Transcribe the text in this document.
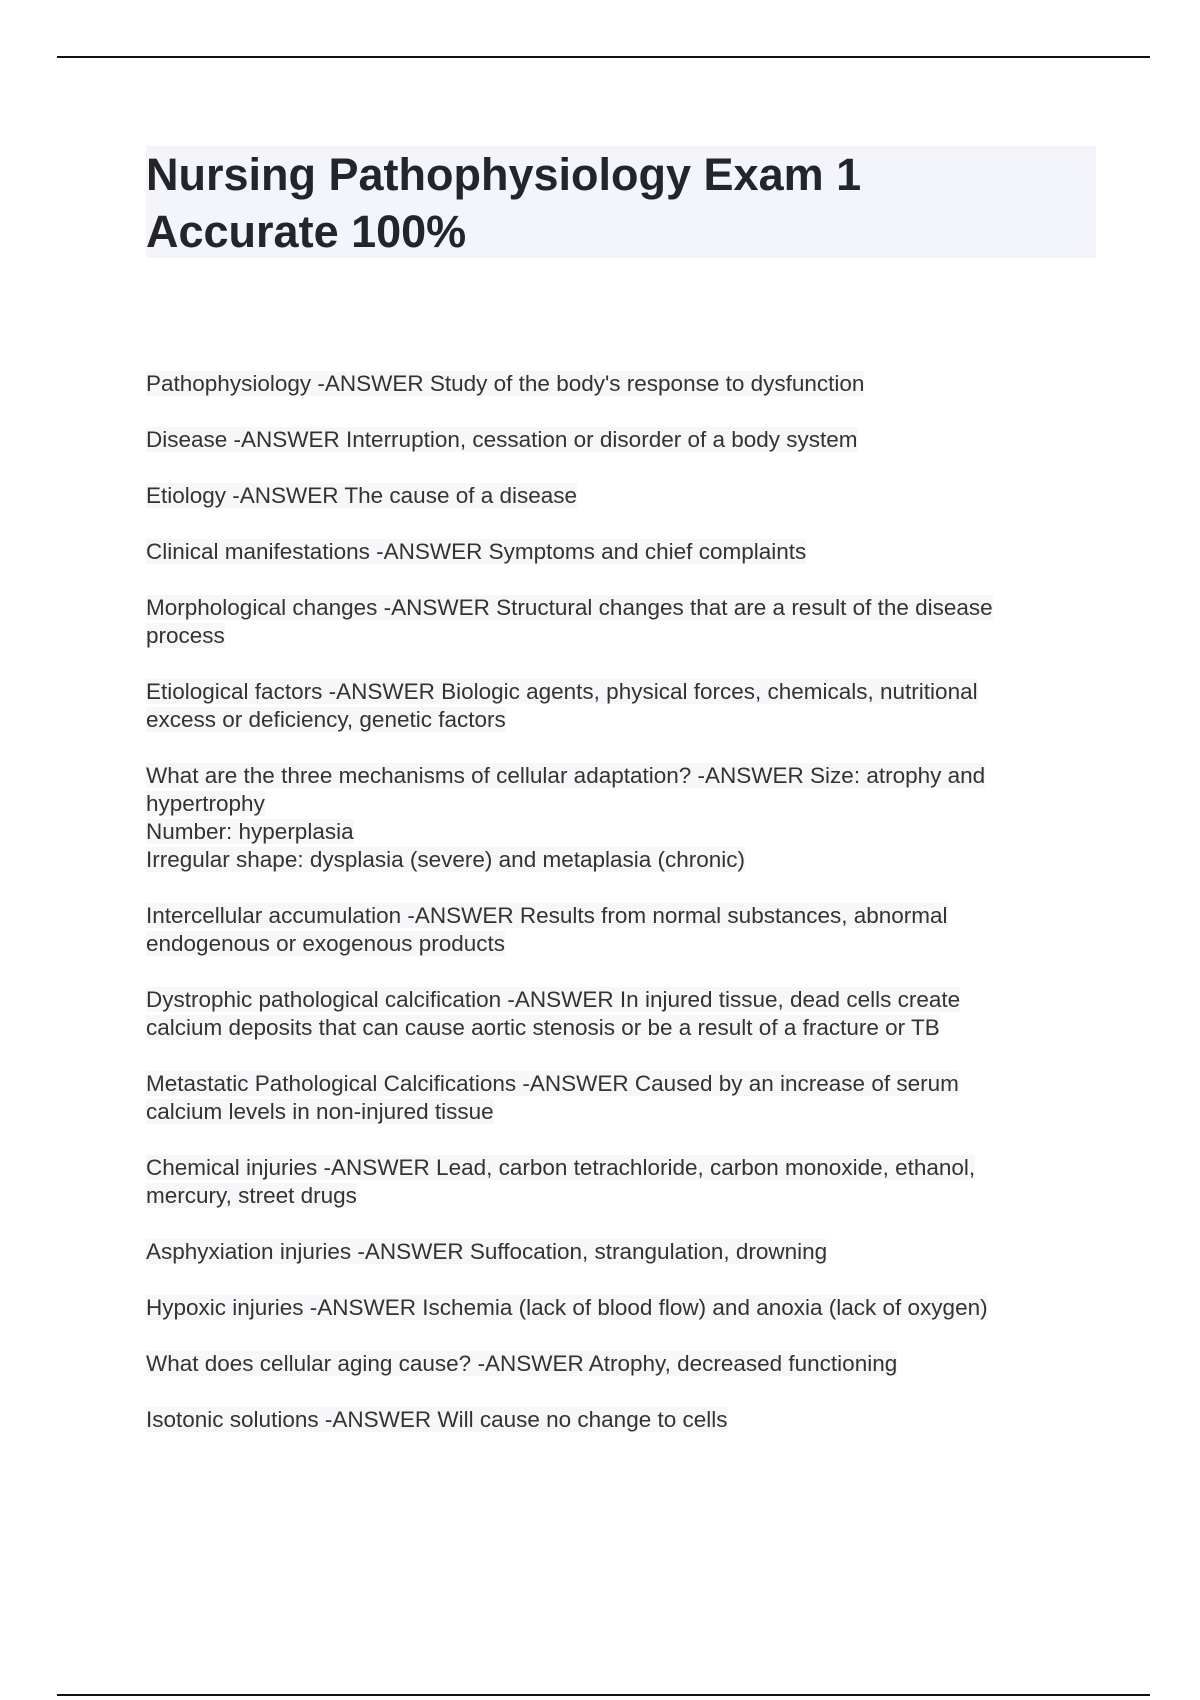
Nursing Pathophysiology Exam 1
Accurate 100%
Pathophysiology -ANSWER Study of the body's response to dysfunction
Disease -ANSWER Interruption, cessation or disorder of a body system
Etiology -ANSWER The cause of a disease
Clinical manifestations -ANSWER Symptoms and chief complaints
Morphological changes -ANSWER Structural changes that are a result of the disease
process
Etiological factors -ANSWER Biologic agents, physical forces, chemicals, nutritional
excess or deficiency, genetic factors
What are the three mechanisms of cellular adaptation? -ANSWER Size: atrophy and
hypertrophy
Number: hyperplasia
Irregular shape: dysplasia (severe) and metaplasia (chronic)
Intercellular accumulation -ANSWER Results from normal substances, abnormal
endogenous or exogenous products
Dystrophic pathological calcification -ANSWER In injured tissue, dead cells create
calcium deposits that can cause aortic stenosis or be a result of a fracture or TB
Metastatic Pathological Calcifications -ANSWER Caused by an increase of serum
calcium levels in non-injured tissue
Chemical injuries -ANSWER Lead, carbon tetrachloride, carbon monoxide, ethanol,
mercury, street drugs
Asphyxiation injuries -ANSWER Suffocation, strangulation, drowning
Hypoxic injuries -ANSWER Ischemia (lack of blood flow) and anoxia (lack of oxygen)
What does cellular aging cause? -ANSWER Atrophy, decreased functioning
Isotonic solutions -ANSWER Will cause no change to cells
